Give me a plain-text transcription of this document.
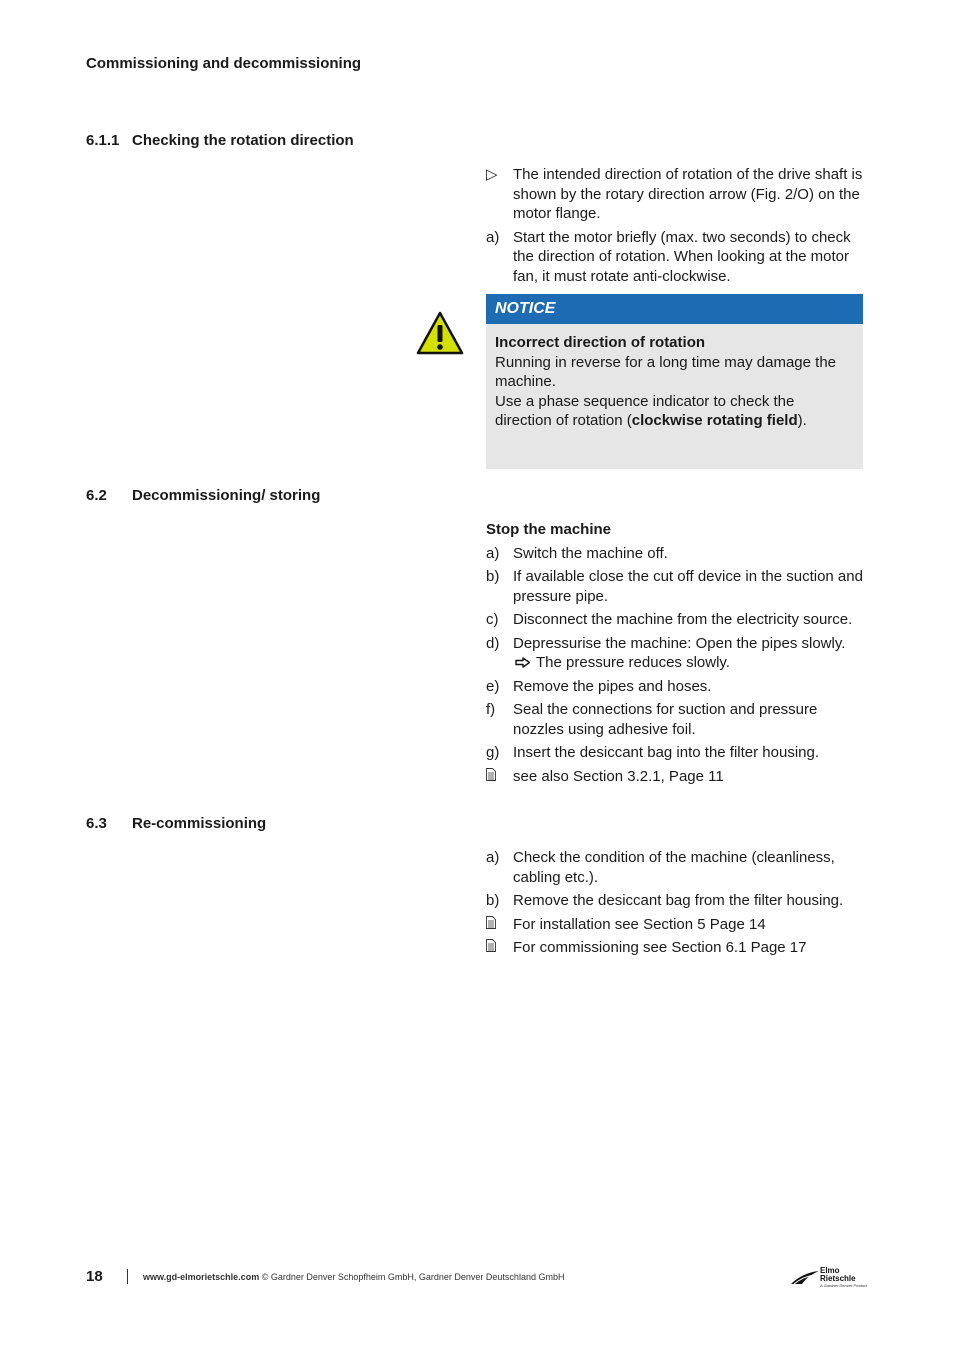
Commissioning and decommissioning
6.1.1 Checking the rotation direction

▷	The intended direction of rotation of the drive shaft is shown by the rotary direction arrow (Fig. 2/O) on the motor flange.

a) Start the motor briefly (max. two seconds) to check the direction of rotation. When looking at the motor fan, it must rotate anti-clockwise.

NOTICE

Incorrect direction of rotation

Running in reverse for a long time may damage the machine.

Use a phase sequence indicator to check the direction of rotation (clockwise rotating field).

6.2 Decommissioning/ storing

Stop the machine

a) Switch the machine off.

b) If available close the cut off device in the suction and pressure pipe.

c) Disconnect the machine from the electricity source.

d) Depressurise the machine: Open the pipes slowly.The pressure reduces slowly.

e) Remove the pipes and hoses.

f)	Seal the connections for suction and pressure nozzles using adhesive foil.

g) Insert the desiccant bag into the filter housing.

see also Section 3.2.1, Page 11

6.3 Re-commissioning

a) Check the condition of the machine (cleanliness, cabling etc.).

b) Remove the desiccant bag from the filter housing.

For installation see Section 5 Page 14

For commissioning see Section 6.1 Page 17

18	www.gd-elmorietschle.com © Gardner Denver Schopfheim GmbH, Gardner Denver Deutschland GmbH
Elmo
Rietschle
A Gardner Denver Product
